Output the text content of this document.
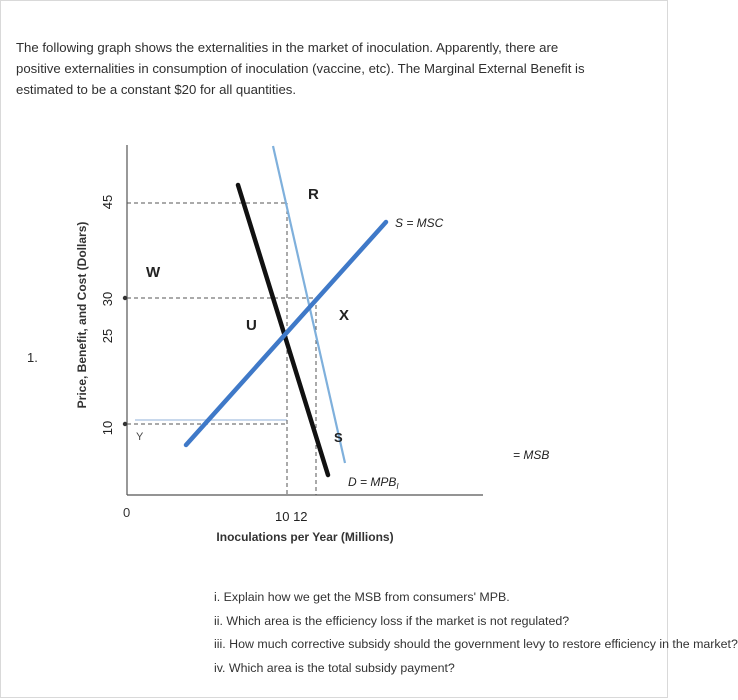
The following graph shows the externalities in the market of inoculation. Apparently, there are
positive externalities in consumption of inoculation (vaccine, etc). The Marginal External Benefit is
estimated to be a constant $20 for all quantities.
1.	Price, Benefit, and Cost (Dollars)
45
30
25
10
R
W
U
X
S
Y
S = MSC
$D = MPB_I$
= MSB
0	10 12
Inoculations per Year (Millions)
i. Explain how we get the MSB from consumers' MPB.
ii. Which area is the efficiency loss if the market is not regulated?
iii. How much corrective subsidy should the government levy to restore efficiency in the market?
iv. Which area is the total subsidy payment?
